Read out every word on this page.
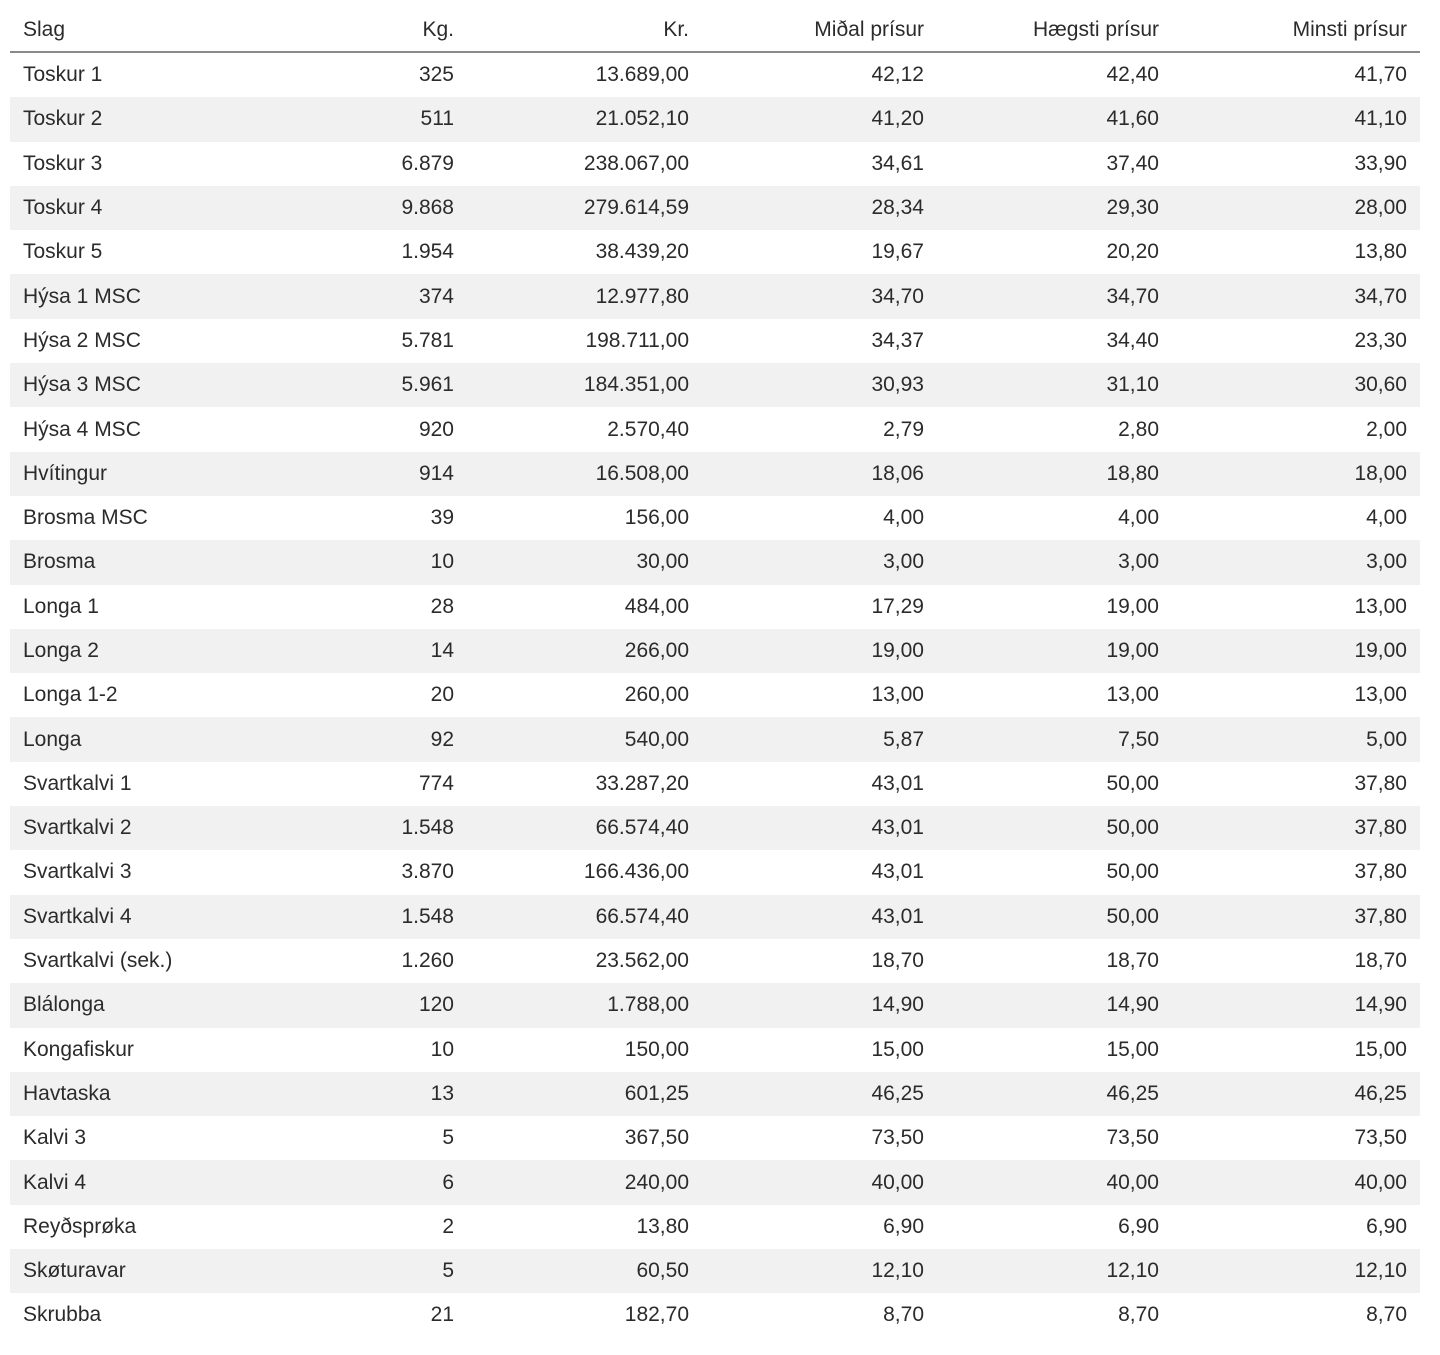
Slag	Kg.	Kr.	Miðal prísur	Hægsti prísur	Minsti prísur
Toskur 1	325	13.689,00	42,12	42,40	41,70
Toskur 2	511	21.052,10	41,20	41,60	41,10
Toskur 3	6.879	238.067,00	34,61	37,40	33,90
Toskur 4	9.868	279.614,59	28,34	29,30	28,00
Toskur 5	1.954	38.439,20	19,67	20,20	13,80
Hýsa 1 MSC	374	12.977,80	34,70	34,70	34,70
Hýsa 2 MSC	5.781	198.711,00	34,37	34,40	23,30
Hýsa 3 MSC	5.961	184.351,00	30,93	31,10	30,60
Hýsa 4 MSC	920	2.570,40	2,79	2,80	2,00
Hvítingur	914	16.508,00	18,06	18,80	18,00
Brosma MSC	39	156,00	4,00	4,00	4,00
Brosma	10	30,00	3,00	3,00	3,00
Longa 1	28	484,00	17,29	19,00	13,00
Longa 2	14	266,00	19,00	19,00	19,00
Longa 1-2	20	260,00	13,00	13,00	13,00
Longa	92	540,00	5,87	7,50	5,00
Svartkalvi 1	774	33.287,20	43,01	50,00	37,80
Svartkalvi 2	1.548	66.574,40	43,01	50,00	37,80
Svartkalvi 3	3.870	166.436,00	43,01	50,00	37,80
Svartkalvi 4	1.548	66.574,40	43,01	50,00	37,80
Svartkalvi (sek.)	1.260	23.562,00	18,70	18,70	18,70
Blálonga	120	1.788,00	14,90	14,90	14,90
Kongafiskur	10	150,00	15,00	15,00	15,00
Havtaska	13	601,25	46,25	46,25	46,25
Kalvi 3	5	367,50	73,50	73,50	73,50
Kalvi 4	6	240,00	40,00	40,00	40,00
Reyðsprøka	2	13,80	6,90	6,90	6,90
Skøturavar	5	60,50	12,10	12,10	12,10
Skrubba	21	182,70	8,70	8,70	8,70
